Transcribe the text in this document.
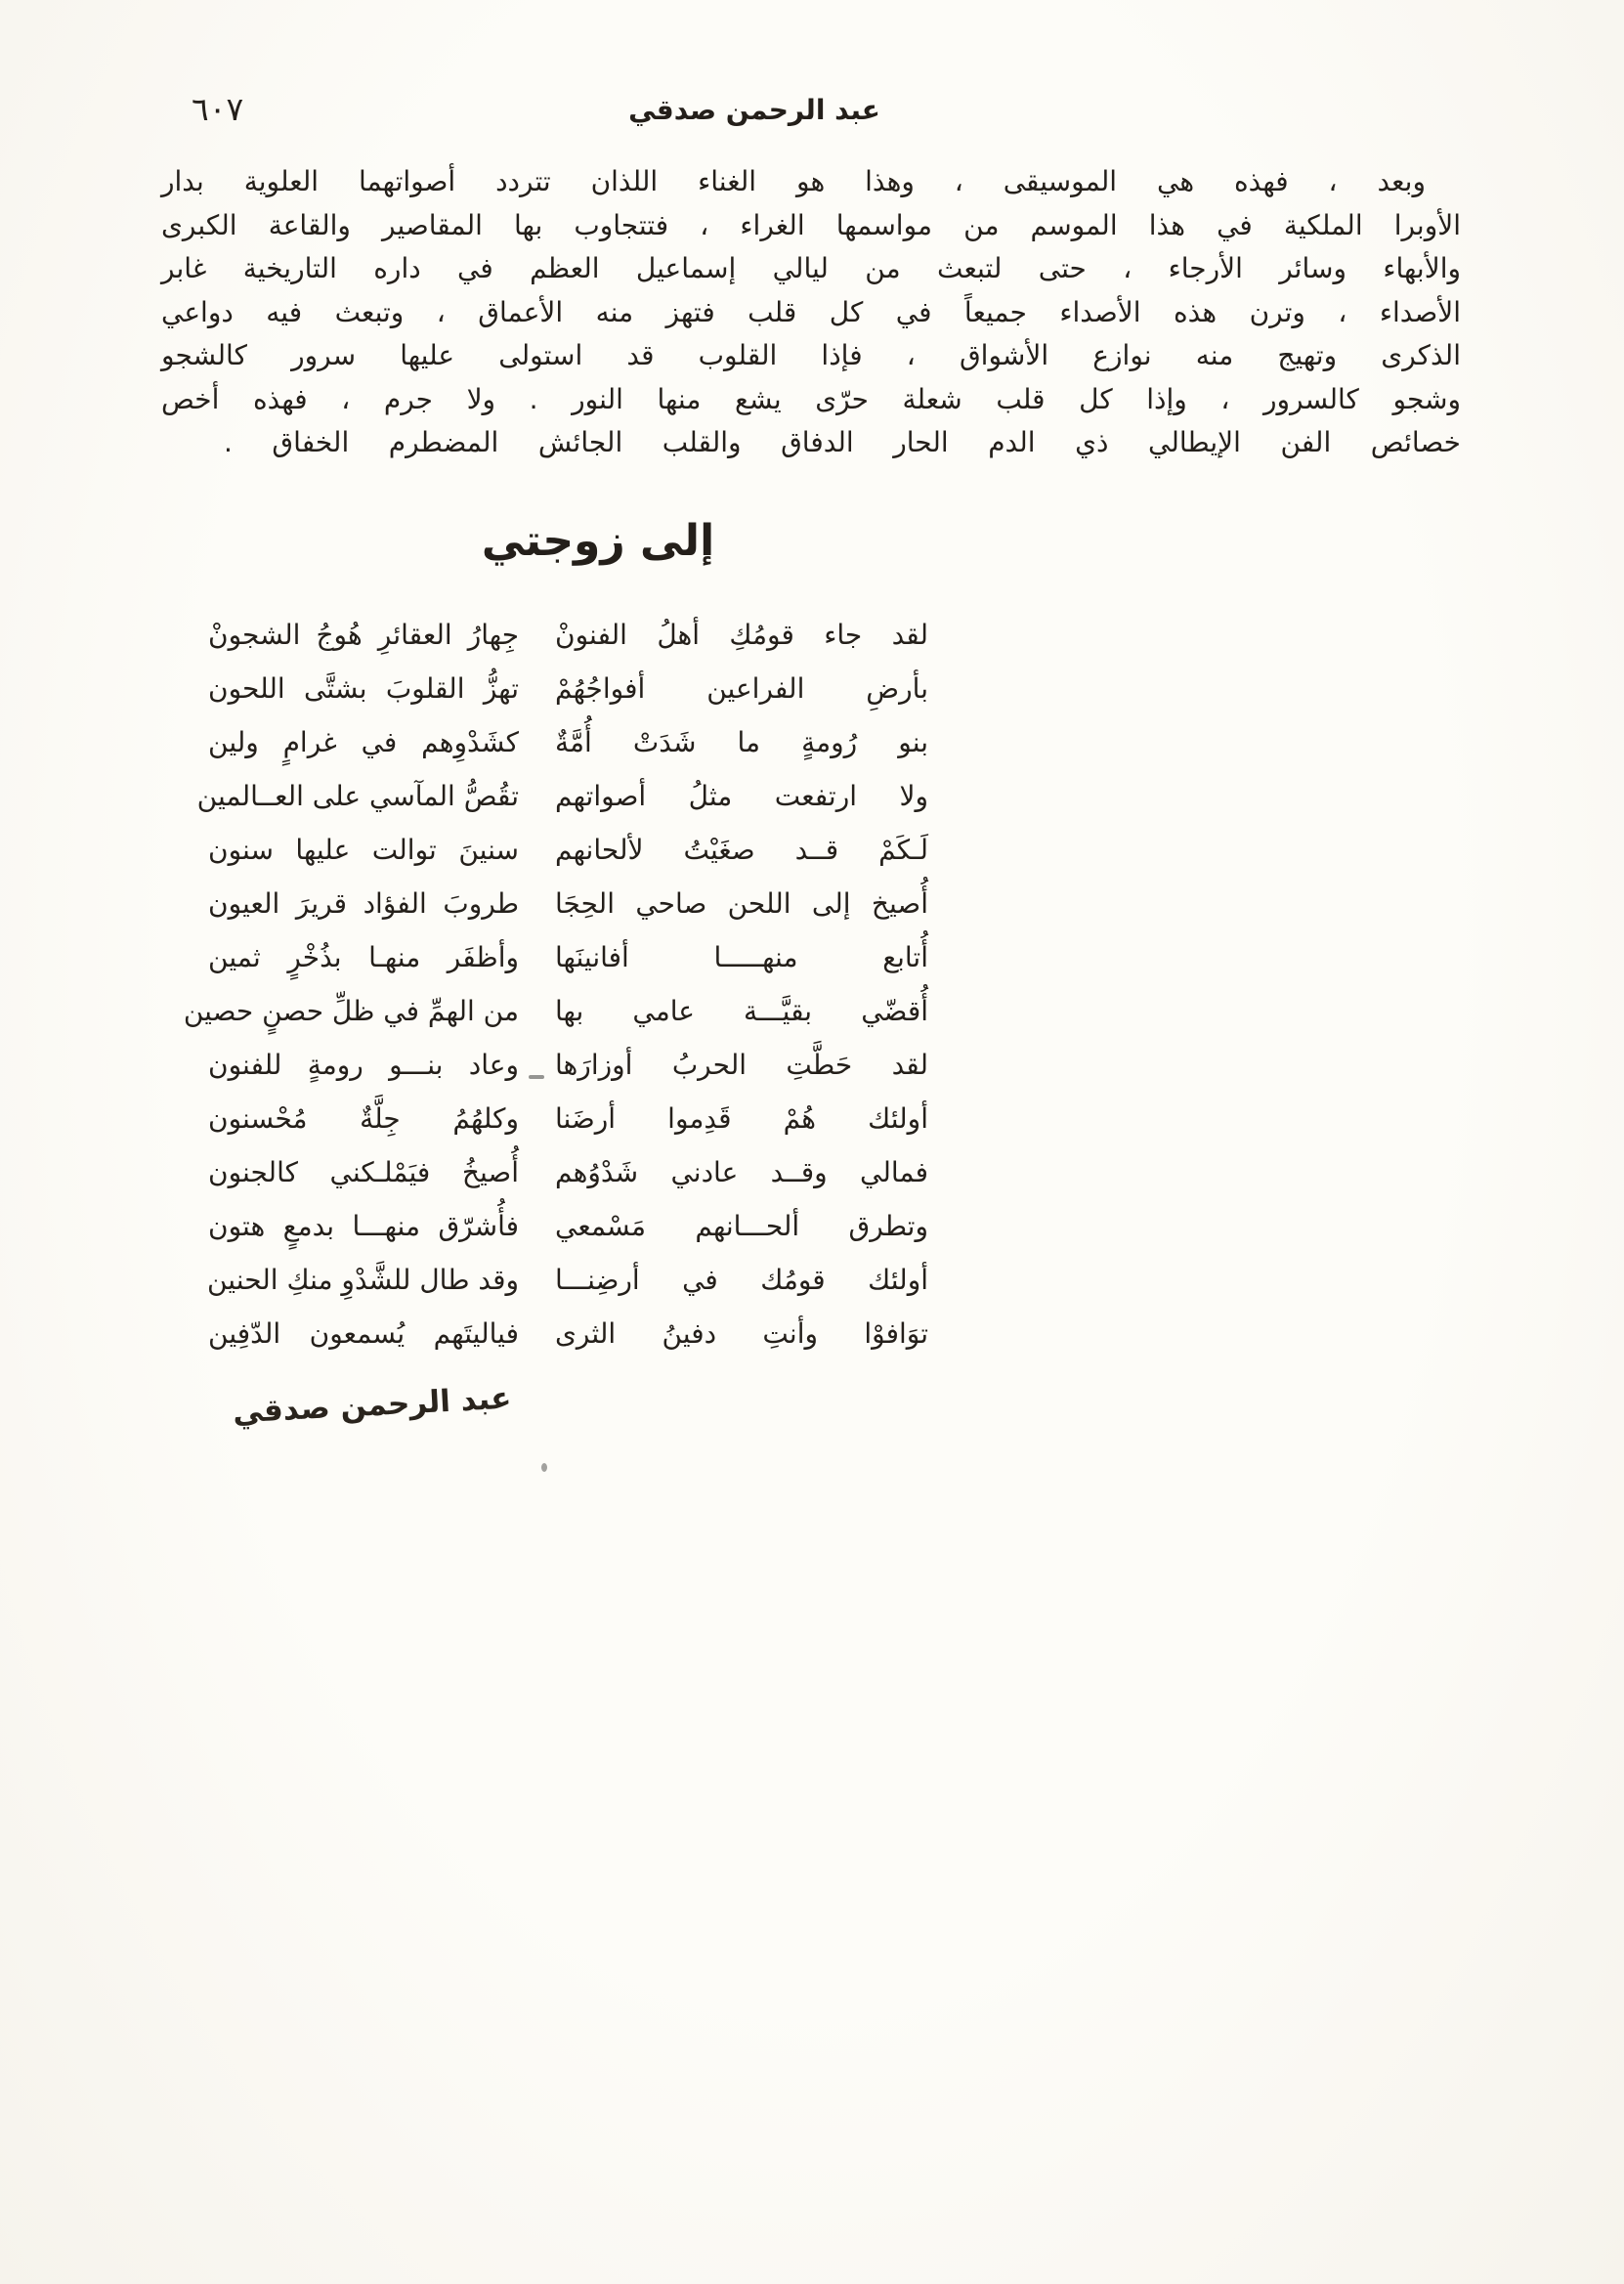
٦٠٧	عبد الرحمن صدقي
وبعد ، فهذه هي الموسيقى ، وهذا هو الغناء اللذان تتردد أصواتهما العلوية بدار
الأوبرا الملكية في هذا الموسم من مواسمها الغراء ، فتتجاوب بها المقاصير والقاعة الكبرى
والأبهاء وسائر الأرجاء ، حتى لتبعث من ليالي إسماعيل العظم في داره التاريخية غابر
الأصداء ، وترن هذه الأصداء جميعاً في كل قلب فتهز منه الأعماق ، وتبعث فيه دواعي
الذكرى وتهيج منه نوازع الأشواق ، فإذا القلوب قد استولى عليها سرور كالشجو
وشجو كالسرور ، وإذا كل قلب شعلة حرّى يشع منها النور . ولا جرم ، فهذه أخص
خصائص الفن الإيطالي ذي الدم الحار الدفاق والقلب الجائش المضطرم الخفاق .
إلى زوجتي
لقد جاء قومُكِ أهلُ الفنونْ
جِهارُ العقائرِ هُوجُ الشجونْ
بأرضِ الفراعين أفواجُهُمْ
تهزُّ القلوبَ بشتَّى اللحون
بنو رُومةٍ ما شَدَتْ أُمَّةٌ
كشَدْوِهم في غرامٍ ولين
ولا ارتفعت مثلُ أصواتهم
تقُصُّ المآسي على العــالمين
لَـكَمْ قــد صغَيْتُ لألحانهم
سنينَ توالت عليها سنون
أُصيخ إلى اللحن صاحي الحِجَا
طروبَ الفؤاد قريرَ العيون
أُتابع منهـــــا أفانينَها
وأظفَر منهـا بذُخْرٍ ثمين
أُقضّي بقيَّـــة عامي بها
من الهمِّ في ظلِّ حصنٍ حصين
لقد حَطَّتِ الحربُ أوزارَها
وعاد بنـــو رومةٍ للفنون
أولئك هُمْ قَدِموا أرضَنا
وكلهُمُ جِلَّةٌ مُحْسنون
فمالي وقــد عادني شَدْوُهم
أُصيخُ فيَمْلـكني كالجنون
وتطرق ألحـــانهم مَسْمعي
فأُشرّق منهـــا بدمعٍ هتون
أولئك قومُك في أرضِنـــا
وقد طال للشَّدْوِ منكِ الحنين
توَافوْا وأنتِ دفينُ الثرى
فياليتَهم يُسمعون الدّفِين
عبد الرحمن صدقي
